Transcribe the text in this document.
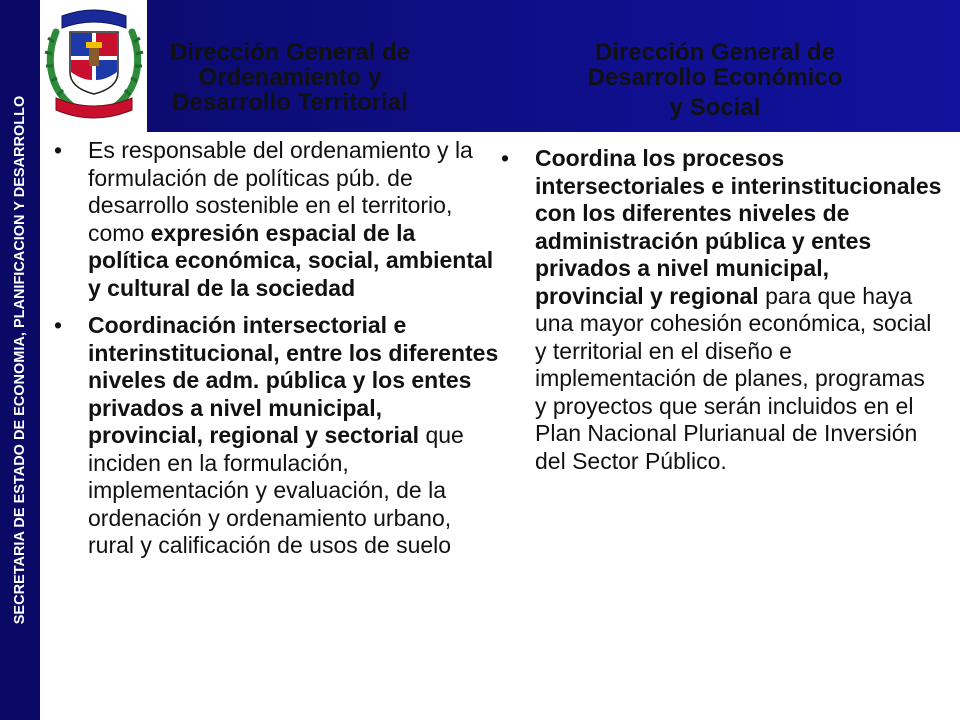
SECRETARIA DE ESTADO DE ECONOMIA, PLANIFICACION Y DESARROLLO
Dirección General de
Ordenamiento y
Desarrollo Territorial
Dirección General de
Desarrollo Económico
y Social
• Es responsable del ordenamiento y la formulación de políticas púb. de desarrollo sostenible en el territorio, como expresión espacial de la política económica, social, ambiental y cultural de la sociedad
• Coordinación intersectorial e interinstitucional, entre los diferentes niveles de adm. pública y los entes privados a nivel municipal, provincial, regional y sectorial que inciden en la formulación, implementación y evaluación, de la ordenación y ordenamiento urbano, rural y calificación de usos de suelo
• Coordina los procesos intersectoriales e interinstitucionales con los diferentes niveles de administración pública y entes privados a nivel municipal, provincial y regional para que haya una mayor cohesión económica, social y territorial en el diseño e implementación de planes, programas y proyectos que serán incluidos en el Plan Nacional Plurianual de Inversión del Sector Público.
